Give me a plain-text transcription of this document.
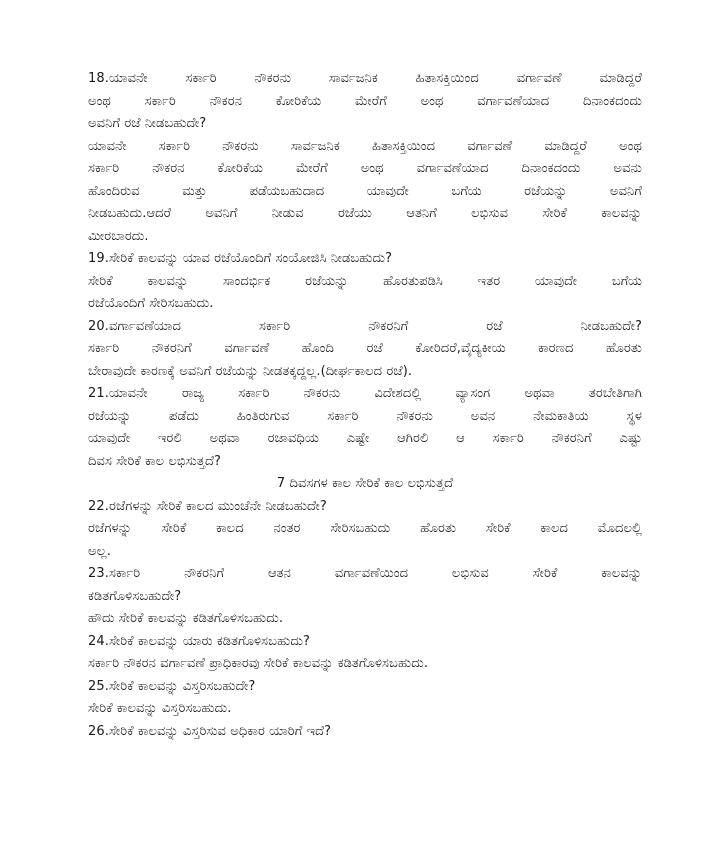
18.ಯಾವನೇ ಸರ್ಕಾರಿ ನೌಕರನು ಸಾರ್ವಜನಿಕ ಹಿತಾಸಕ್ತಿಯಿಂದ ವರ್ಗಾವಣೆ ಮಾಡಿದ್ದರೆ
ಅಂಥ ಸರ್ಕಾರಿ ನೌಕರನ ಕೋರಿಕೆಯ ಮೇರೆಗೆ ಅಂಥ ವರ್ಗಾವಣೆಯಾದ ದಿನಾಂಕದಂದು
ಅವನಿಗೆ ರಜೆ ನೀಡಬಹುದೇ?
ಯಾವನೇ ಸರ್ಕಾರಿ ನೌಕರನು ಸಾರ್ವಜನಿಕ ಹಿತಾಸಕ್ತಿಯಿಂದ ವರ್ಗಾವಣೆ ಮಾಡಿದ್ದರೆ ಅಂಥ
ಸರ್ಕಾರಿ ನೌಕರನ ಕೋರಿಕೆಯ ಮೇರೆಗೆ ಅಂಥ ವರ್ಗಾವಣೆಯಾದ ದಿನಾಂಕದಂದು ಅವನು
ಹೊಂದಿರುವ ಮತ್ತು ಪಡೆಯಬಹುದಾದ ಯಾವುದೇ ಬಗೆಯ ರಜೆಯನ್ನು ಅವನಿಗೆ
ನೀಡಬಹುದು.ಆದರೆ ಅವನಿಗೆ ನೀಡುವ ರಜೆಯು ಆತನಿಗೆ ಲಭಿಸುವ ಸೇರಿಕೆ ಕಾಲವನ್ನು
ಮೀರಬಾರದು.
19.ಸೇರಿಕೆ ಕಾಲವನ್ನು ಯಾವ ರಜೆಯೊಂದಿಗೆ ಸಂಯೋಜಿಸಿ ನೀಡಬಹುದು?
ಸೇರಿಕೆ ಕಾಲವನ್ನು ಸಾಂದರ್ಭಿಕ ರಜೆಯನ್ನು ಹೊರತುಪಡಿಸಿ ಇತರ ಯಾವುದೇ ಬಗೆಯ
ರಜೆಯೊಂದಿಗೆ ಸೇರಿಸಬಹುದು.
20.ವರ್ಗಾವಣೆಯಾದ ಸರ್ಕಾರಿ ನೌಕರನಿಗೆ ರಜೆ ನೀಡಬಹುದೇ?
ಸರ್ಕಾರಿ ನೌಕರನಿಗೆ ವರ್ಗಾವಣೆ ಹೊಂದಿ ರಜೆ ಕೋರಿದರೆ,ವೈದ್ಯಕೀಯ ಕಾರಣದ ಹೊರತು
ಬೇರಾವುದೇ ಕಾರಣಕ್ಕೆ ಅವನಿಗೆ ರಜೆಯನ್ನು ನೀಡತಕ್ಕದ್ದಲ್ಲ.(ದೀರ್ಘಕಾಲದ ರಜೆ).
21.ಯಾವನೇ ರಾಜ್ಯ ಸರ್ಕಾರಿ ನೌಕರನು ವಿದೇಶದಲ್ಲಿ ವ್ಯಾಸಂಗ ಅಥವಾ ತರಬೇತಿಗಾಗಿ
ರಜೆಯನ್ನು ಪಡೆದು ಹಿಂತಿರುಗುವ ಸರ್ಕಾರಿ ನೌಕರನು ಅವನ ನೇಮಕಾತಿಯ ಸ್ಥಳ
ಯಾವುದೇ ಇರಲಿ ಅಥವಾ ರಜಾವಧಿಯ ಎಷ್ಟೇ ಆಗಿರಲಿ ಆ ಸರ್ಕಾರಿ ನೌಕರನಿಗೆ ಎಷ್ಟು
ದಿವಸ ಸೇರಿಕೆ ಕಾಲ ಲಭಿಸುತ್ತದೆ?
7 ದಿವಸಗಳ ಕಾಲ ಸೇರಿಕೆ ಕಾಲ ಲಭಿಸುತ್ತದೆ
22.ರಜೆಗಳನ್ನು ಸೇರಿಕೆ ಕಾಲದ ಮುಂಚೆನೇ ನೀಡಬಹುದೇ?
ರಜೆಗಳನ್ನು ಸೇರಿಕೆ ಕಾಲದ ನಂತರ ಸೇರಿಸಬಹುದು ಹೊರತು ಸೇರಿಕೆ ಕಾಲದ ಮೊದಲಲ್ಲಿ
ಅಲ್ಲ.
23.ಸರ್ಕಾರಿ ನೌಕರನಿಗೆ ಆತನ ವರ್ಗಾವಣೆಯಿಂದ ಲಭಿಸುವ ಸೇರಿಕೆ ಕಾಲವನ್ನು
ಕಡಿತಗೊಳಿಸಬಹುದೇ?
ಹೌದು ಸೇರಿಕೆ ಕಾಲವನ್ನು ಕಡಿತಗೊಳಿಸಬಹುದು.
24.ಸೇರಿಕೆ ಕಾಲವನ್ನು ಯಾರು ಕಡಿತಗೊಳಿಸಬಹುದು?
ಸರ್ಕಾರಿ ನೌಕರನ ವರ್ಗಾವಣೆ ಪ್ರಾಧಿಕಾರವು ಸೇರಿಕೆ ಕಾಲವನ್ನು ಕಡಿತಗೊಳಿಸಬಹುದು.
25.ಸೇರಿಕೆ ಕಾಲವನ್ನು ವಿಸ್ತರಿಸಬಹುದೇ?
ಸೇರಿಕೆ ಕಾಲವನ್ನು ವಿಸ್ತರಿಸಬಹುದು.
26.ಸೇರಿಕೆ ಕಾಲವನ್ನು ವಿಸ್ತರಿಸುವ ಅಧಿಕಾರ ಯಾರಿಗೆ ಇದೆ?
